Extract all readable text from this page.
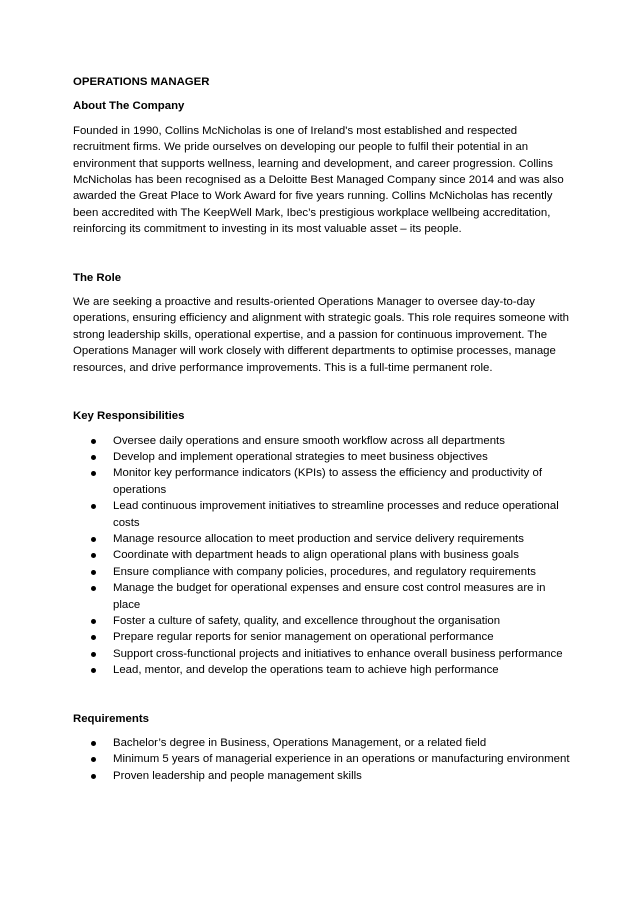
OPERATIONS MANAGER
About The Company

Founded in 1990, Collins McNicholas is one of Ireland's most established and respected recruitment firms. We pride ourselves on developing our people to fulfil their potential in an environment that supports wellness, learning and development, and career progression. Collins McNicholas has been recognised as a Deloitte Best Managed Company since 2014 and was also awarded the Great Place to Work Award for five years running. Collins McNicholas has recently been accredited with The KeepWell Mark, Ibec’s prestigious workplace wellbeing accreditation, reinforcing its commitment to investing in its most valuable asset – its people.

The Role

We are seeking a proactive and results-oriented Operations Manager to oversee day-to-day operations, ensuring efficiency and alignment with strategic goals. This role requires someone with strong leadership skills, operational expertise, and a passion for continuous improvement. The Operations Manager will work closely with different departments to optimise processes, manage resources, and drive performance improvements. This is a full-time permanent role.

Key Responsibilities
Oversee daily operations and ensure smooth workflow across all departments
Develop and implement operational strategies to meet business objectives
Monitor key performance indicators (KPIs) to assess the efficiency and productivity of operations
Lead continuous improvement initiatives to streamline processes and reduce operational costs
Manage resource allocation to meet production and service delivery requirements
Coordinate with department heads to align operational plans with business goals
Ensure compliance with company policies, procedures, and regulatory requirements
Manage the budget for operational expenses and ensure cost control measures are in place
Foster a culture of safety, quality, and excellence throughout the organisation
Prepare regular reports for senior management on operational performance
Support cross-functional projects and initiatives to enhance overall business performance
Lead, mentor, and develop the operations team to achieve high performance
Requirements
Bachelor’s degree in Business, Operations Management, or a related field
Minimum 5 years of managerial experience in an operations or manufacturing environment
Proven leadership and people management skills
